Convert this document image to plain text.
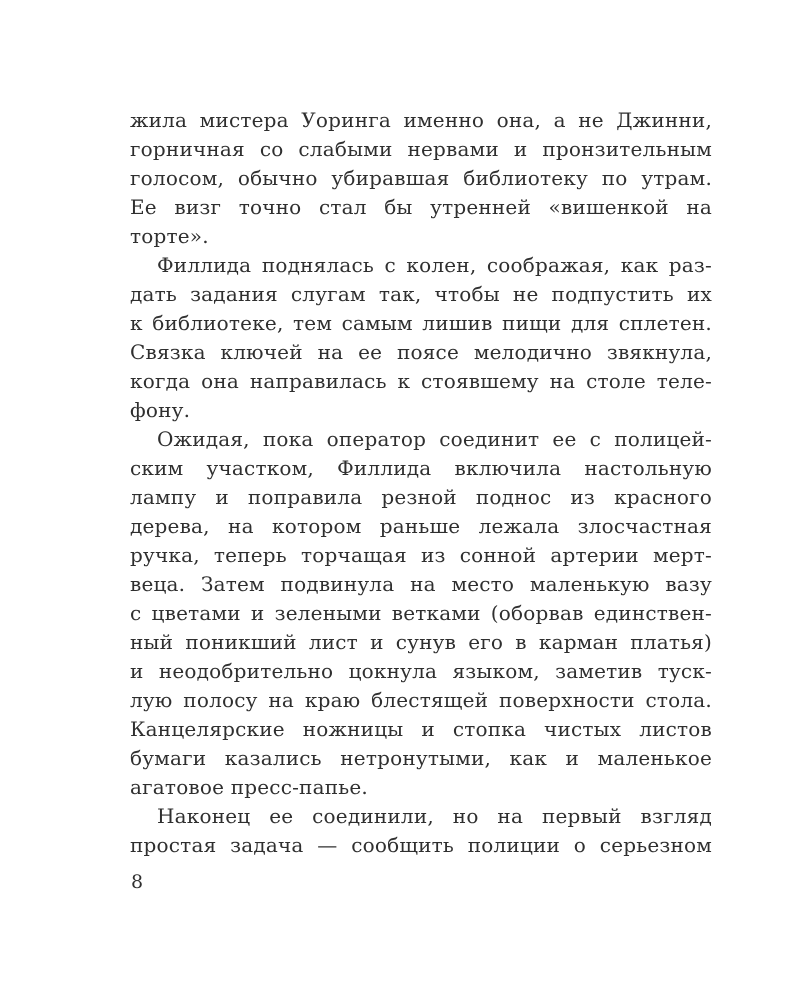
жила мистера Уоринга именно она, а не Джинни,
горничная со слабыми нервами и пронзительным
голосом, обычно убиравшая библиотеку по утрам.
Ее визг точно стал бы утренней «вишенкой на
торте».
Филлида поднялась с колен, соображая, как раз-
дать задания слугам так, чтобы не подпустить их
к библиотеке, тем самым лишив пищи для сплетен.
Связка ключей на ее поясе мелодично звякнула,
когда она направилась к стоявшему на столе теле-
фону.
Ожидая, пока оператор соединит ее с полицей-
ским участком, Филлида включила настольную
лампу и поправила резной поднос из красного
дерева, на котором раньше лежала злосчастная
ручка, теперь торчащая из сонной артерии мерт-
веца. Затем подвинула на место маленькую вазу
с цветами и зелеными ветками (оборвав единствен-
ный поникший лист и сунув его в карман платья)
и неодобрительно цокнула языком, заметив туск-
лую полосу на краю блестящей поверхности стола.
Канцелярские ножницы и стопка чистых листов
бумаги казались нетронутыми, как и маленькое
агатовое пресс-папье.
Наконец ее соединили, но на первый взгляд
простая задача — сообщить полиции о серьезном
8
